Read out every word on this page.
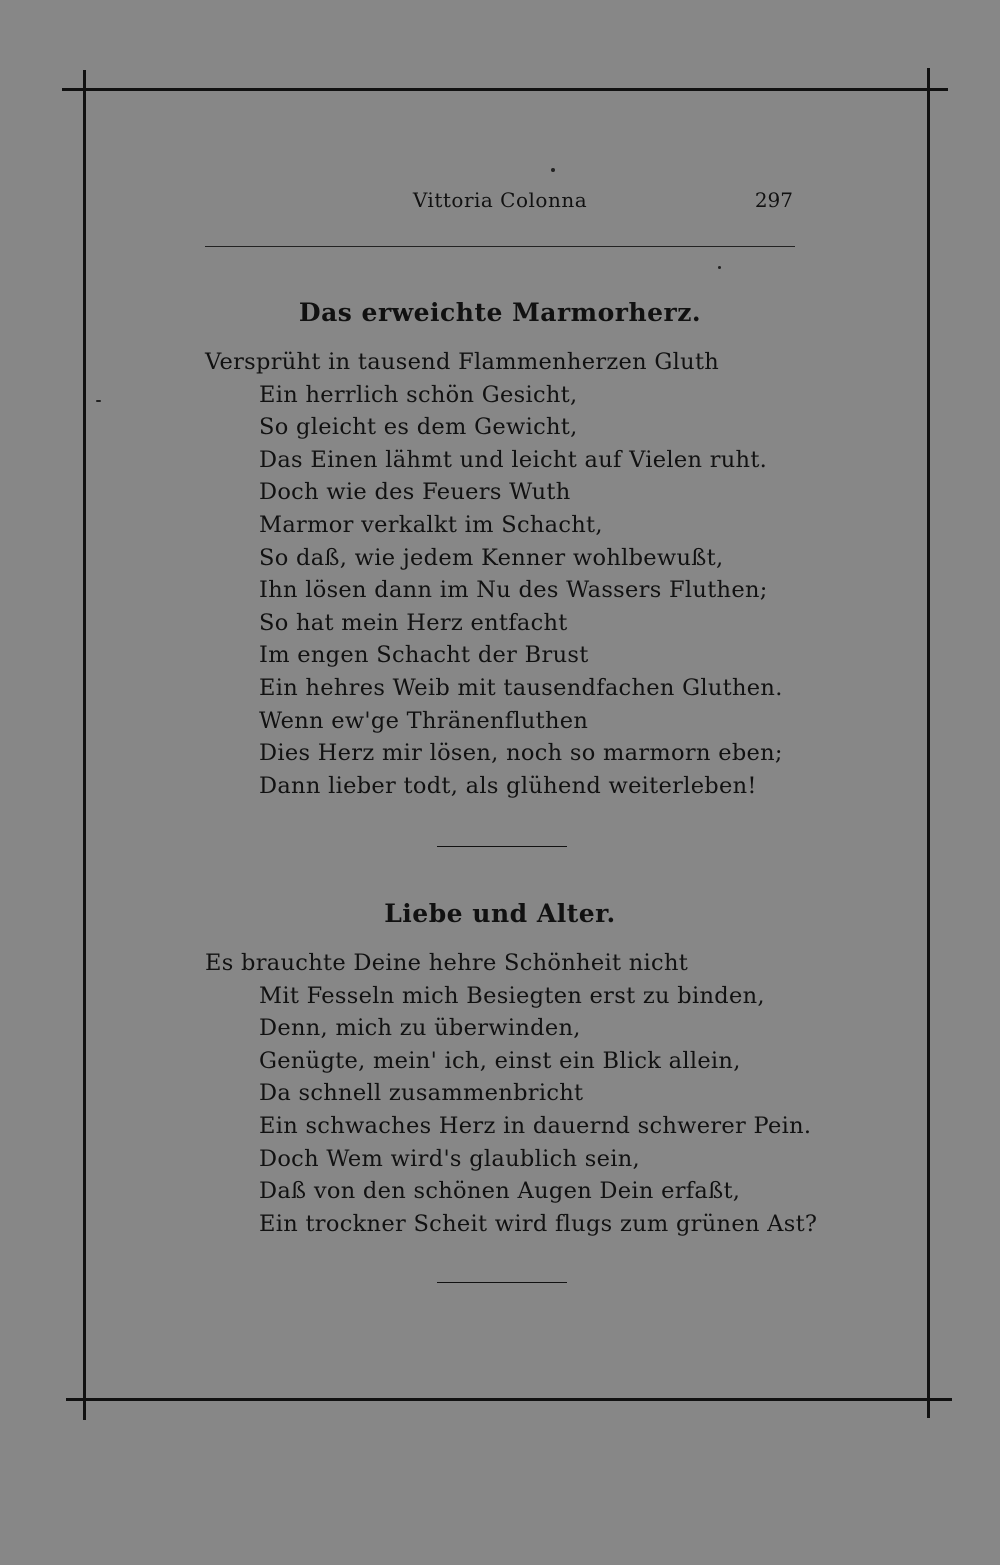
Vittoria Colonna	297
Das erweichte Marmorherz.
Versprüht in tausend Flammenherzen Gluth
Ein herrlich schön Gesicht,
So gleicht es dem Gewicht,
Das Einen lähmt und leicht auf Vielen ruht.
Doch wie des Feuers Wuth
Marmor verkalkt im Schacht,
So daß, wie jedem Kenner wohlbewußt,
Ihn lösen dann im Nu des Wassers Fluthen;
So hat mein Herz entfacht
Im engen Schacht der Brust
Ein hehres Weib mit tausendfachen Gluthen.
Wenn ew'ge Thränenfluthen
Dies Herz mir lösen, noch so marmorn eben;
Dann lieber todt, als glühend weiterleben!
Liebe und Alter.
Es brauchte Deine hehre Schönheit nicht
Mit Fesseln mich Besiegten erst zu binden,
Denn, mich zu überwinden,
Genügte, mein' ich, einst ein Blick allein,
Da schnell zusammenbricht
Ein schwaches Herz in dauernd schwerer Pein.
Doch Wem wird's glaublich sein,
Daß von den schönen Augen Dein erfaßt,
Ein trockner Scheit wird flugs zum grünen Ast?
